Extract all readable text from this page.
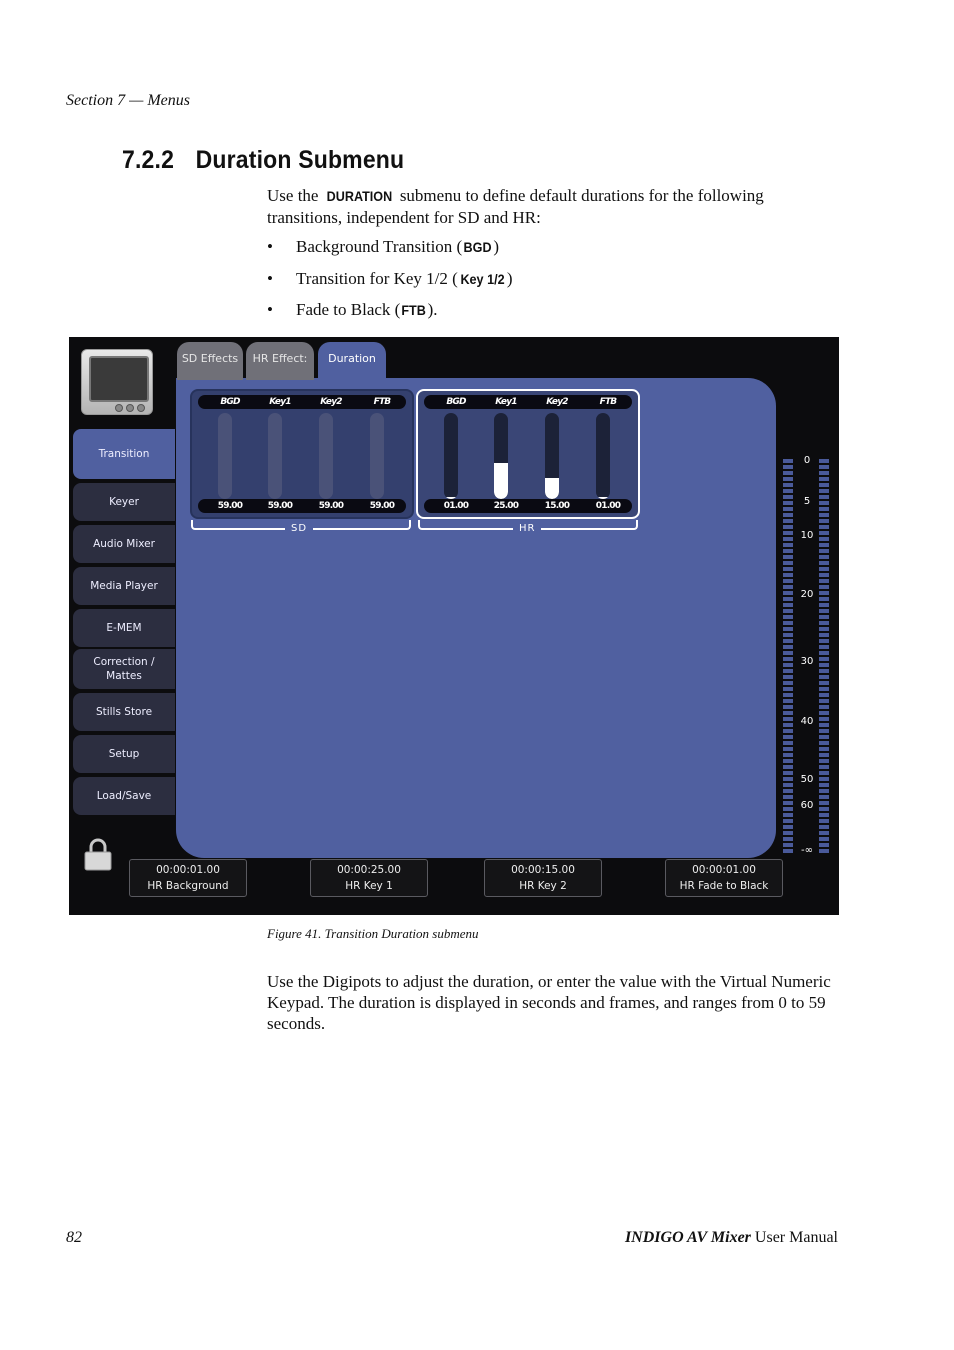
Section 7 — Menus
7.2.2 Duration Submenu
Use the DURATION submenu to define default durations for the following transitions, independent for SD and HR:
•	Background Transition ( BGD)
•	Transition for Key 1/2 ( Key 1/2 )
•	Fade to Black (FTB).
SD Effects	HR Effect:	Duration
Transition
Keyer
Audio Mixer
Media Player
E-MEM
Correction / Mattes
Stills Store
Setup
Load/Save
BGD	Key1	Key2	FTB
59.00	59.00	59.00	59.00
SD
BGD	Key1	Key2	FTB
01.00	25.00	15.00	01.00
HR
0
5
10
20
30
40
50
60
-∞
00:00:01.00
HR Background
00:00:25.00
HR Key 1
00:00:15.00
HR Key 2
00:00:01.00
HR Fade to Black
Figure 41. Transition Duration submenu
Use the Digipots to adjust the duration, or enter the value with the Virtual Numeric Keypad. The duration is displayed in seconds and frames, and ranges from 0 to 59 seconds.
82	INDIGO AV Mixer User Manual
